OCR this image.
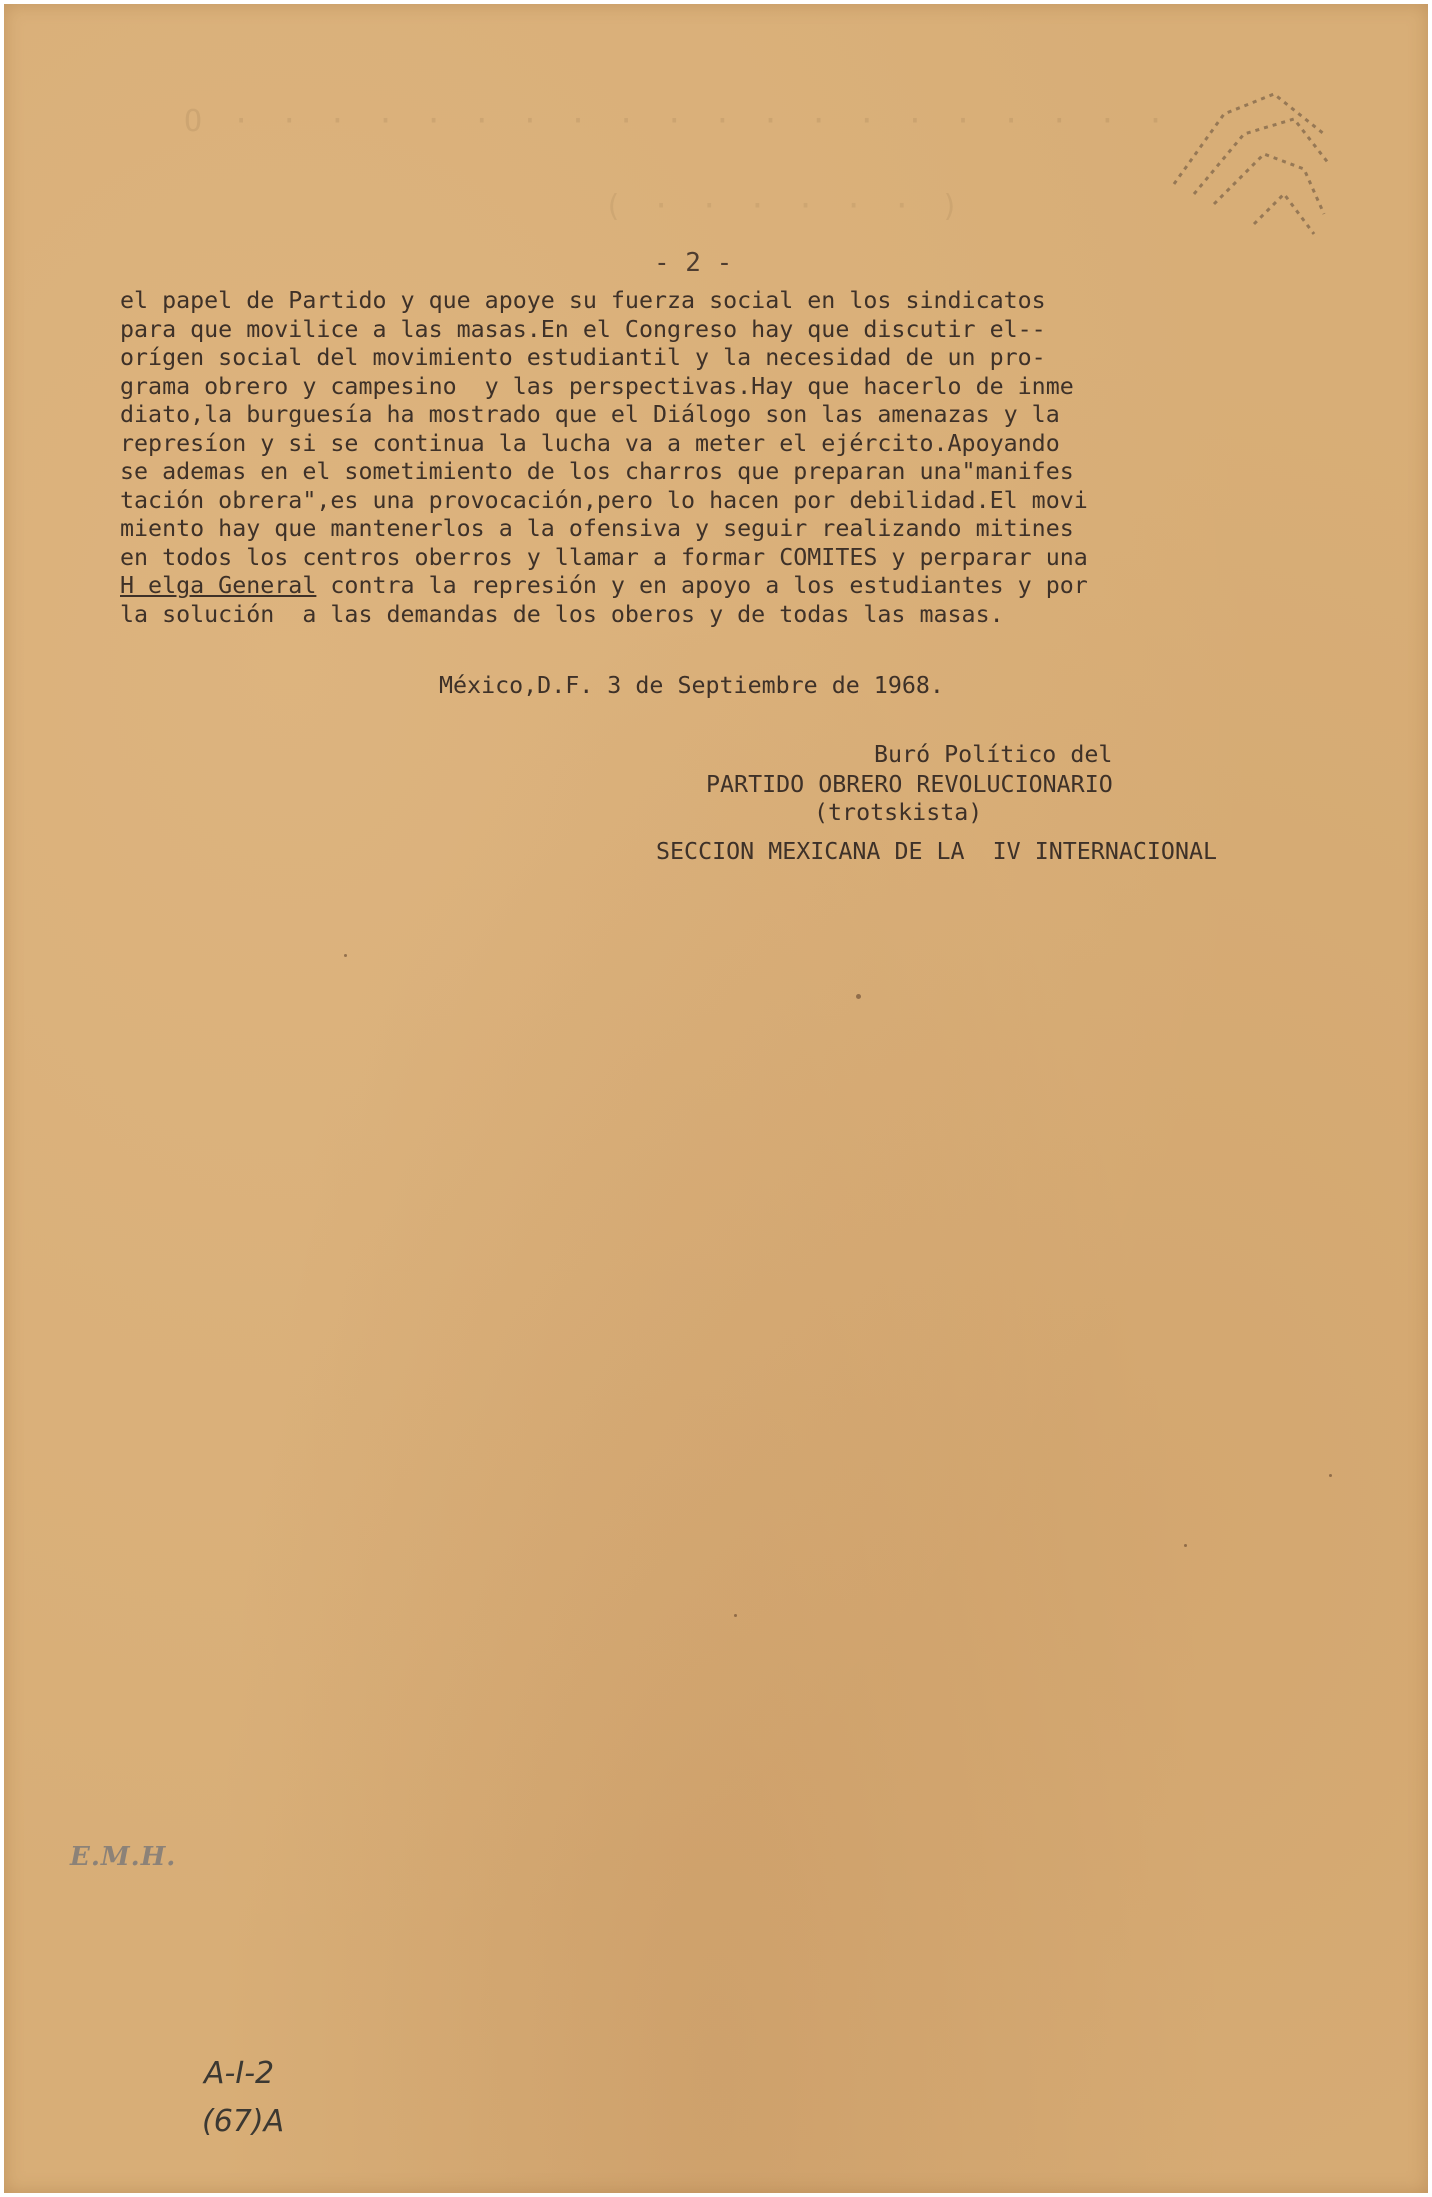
O · · · · · · · · · · · · · · · · · · · ·
( · · · · · · )
- 2 -
el papel de Partido y que apoye su fuerza social en los sindicatos
para que movilice a las masas.En el Congreso hay que discutir el--
orígen social del movimiento estudiantil y la necesidad de un pro-
grama obrero y campesino  y las perspectivas.Hay que hacerlo de inme
diato,la burguesía ha mostrado que el Diálogo son las amenazas y la
represíon y si se continua la lucha va a meter el ejército.Apoyando
se ademas en el sometimiento de los charros que preparan una"manifes
tación obrera",es una provocación,pero lo hacen por debilidad.El movi
miento hay que mantenerlos a la ofensiva y seguir realizando mitines
en todos los centros oberros y llamar a formar COMITES y perparar una
H elga General contra la represión y en apoyo a los estudiantes y por
la solución  a las demandas de los oberos y de todas las masas.
México,D.F. 3 de Septiembre de 1968.
Buró Político del
PARTIDO OBRERO REVOLUCIONARIO
(trotskista)
SECCION MEXICANA DE LA  IV INTERNACIONAL
E.M.H.
A-I-2
(67)A
